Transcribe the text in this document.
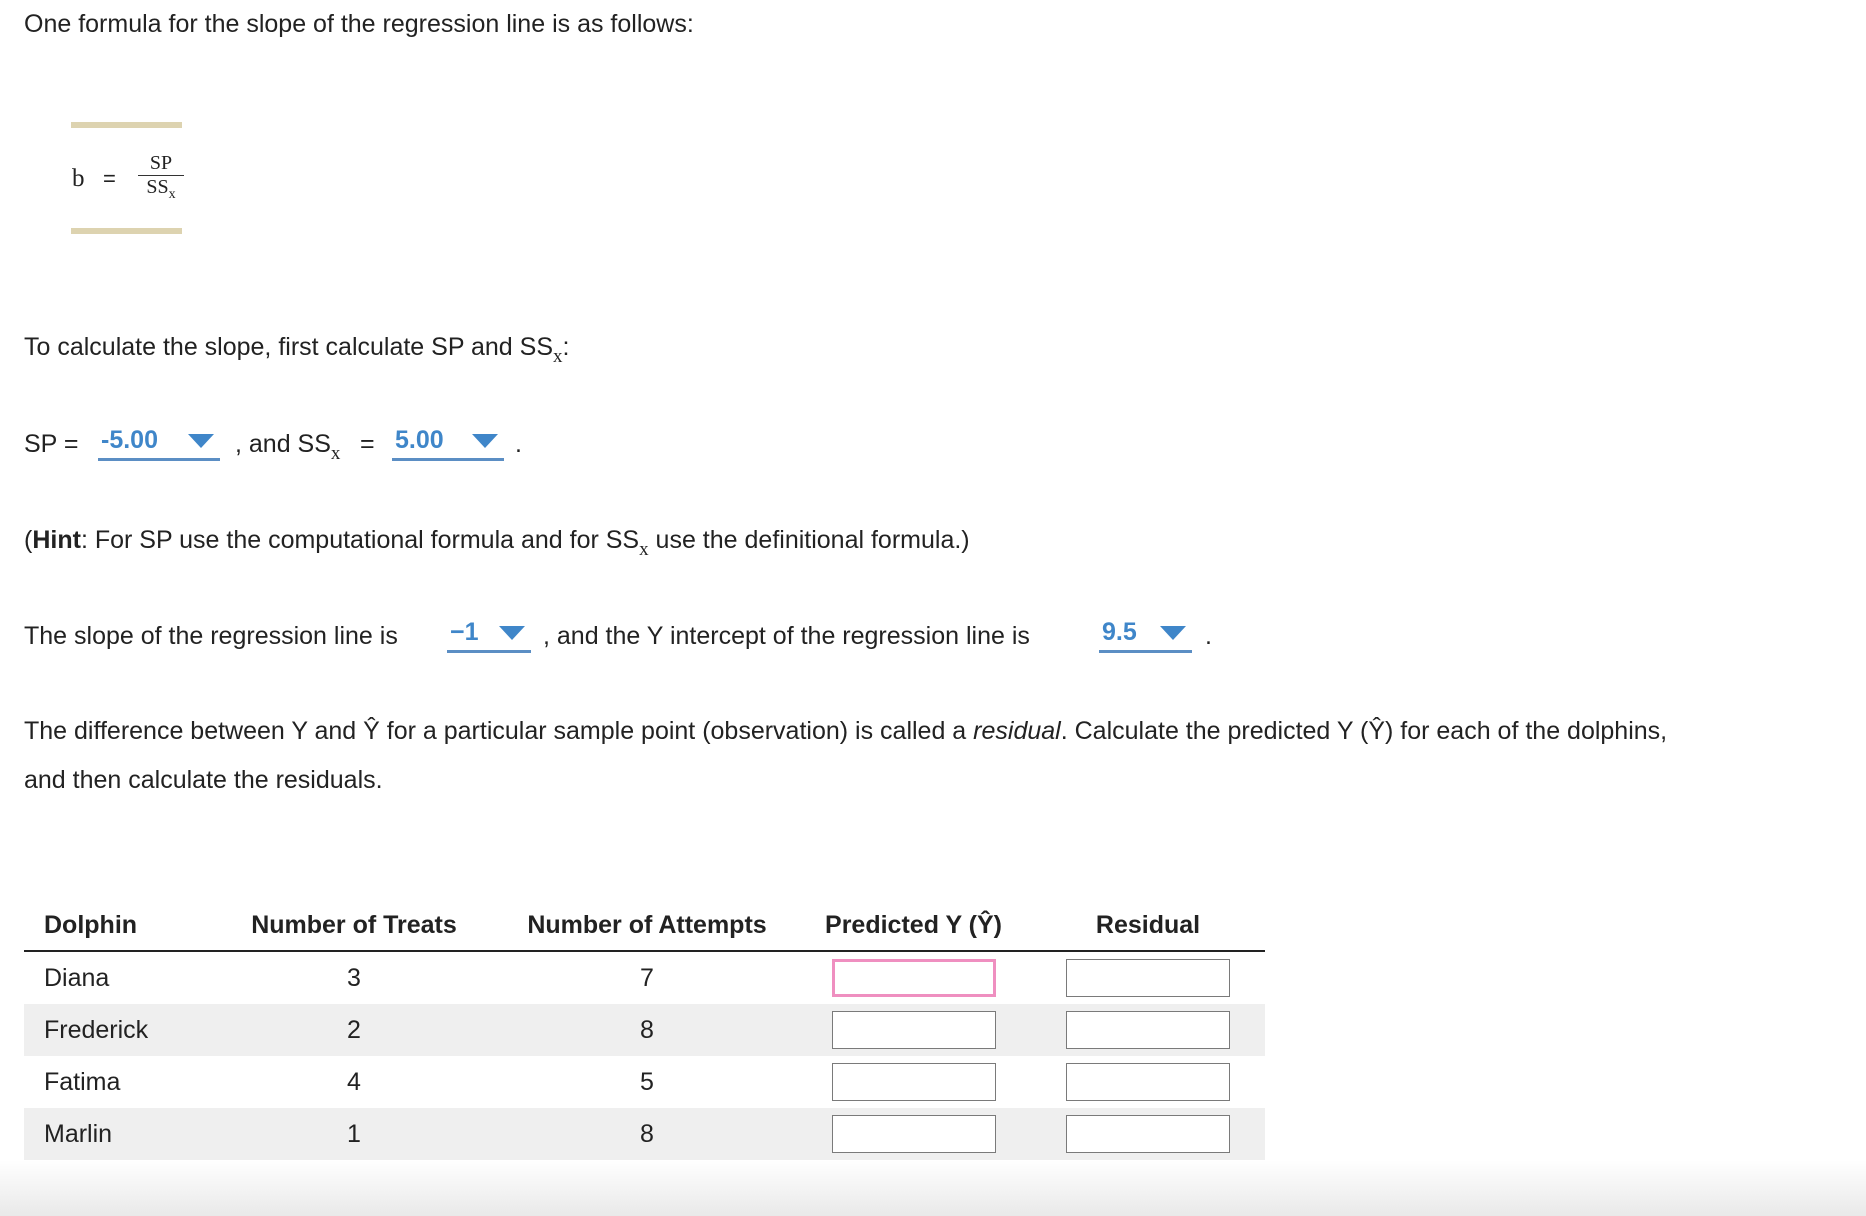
One formula for the slope of the regression line is as follows:
b =
SP
$SS_x$
To calculate the slope, first calculate SP and $SS_x$:
SP = -5.00	, and $SS_x = 5.00$	.
(Hint: For SP use the computational formula and for $SS_x$ use the definitional formula.)
The slope of the regression line is −1	, and the Y intercept of the regression line is	9.5	.
The difference between Y and Ŷ for a particular sample point (observation) is called a residual. Calculate the predicted Y (Ŷ) for each of the dolphins,
and then calculate the residuals.
Dolphin	Number of Treats	Number of Attempts	Predicted Y (Ŷ)	Residual
Diana	3	7		
Frederick	2	8		
Fatima	4	5		
Marlin	1	8		
